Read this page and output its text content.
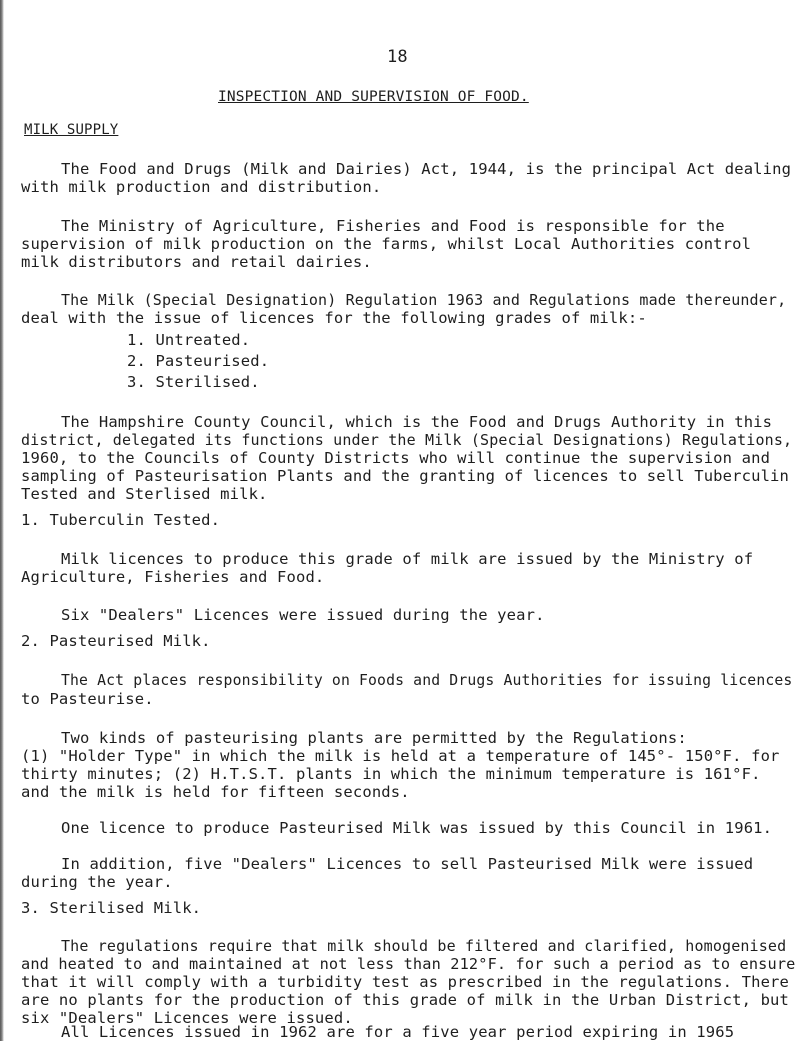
18
INSPECTION AND SUPERVISION OF FOOD.
MILK SUPPLY
The Food and Drugs (Milk and Dairies) Act, 1944, is the principal Act dealing
with milk production and distribution.
The Ministry of Agriculture, Fisheries and Food is responsible for the
supervision of milk production on the farms, whilst Local Authorities control
milk distributors and retail dairies.
The Milk (Special Designation) Regulation 1963 and Regulations made thereunder,
deal with the issue of licences for the following grades of milk:-
1. Untreated.
2. Pasteurised.
3. Sterilised.
The Hampshire County Council, which is the Food and Drugs Authority in this
district, delegated its functions under the Milk (Special Designations) Regulations,
1960, to the Councils of County Districts who will continue the supervision and
sampling of Pasteurisation Plants and the granting of licences to sell Tuberculin
Tested and Sterlised milk.
1. Tuberculin Tested.
Milk licences to produce this grade of milk are issued by the Ministry of
Agriculture, Fisheries and Food.
Six "Dealers" Licences were issued during the year.
2. Pasteurised Milk.
The Act places responsibility on Foods and Drugs Authorities for issuing licences
to Pasteurise.
Two kinds of pasteurising plants are permitted by the Regulations:
(1) "Holder Type" in which the milk is held at a temperature of 145°- 150°F. for
thirty minutes; (2) H.T.S.T. plants in which the minimum temperature is 161°F.
and the milk is held for fifteen seconds.
One licence to produce Pasteurised Milk was issued by this Council in 1961.
In addition, five "Dealers" Licences to sell Pasteurised Milk were issued
during the year.
3. Sterilised Milk.
The regulations require that milk should be filtered and clarified, homogenised
and heated to and maintained at not less than 212°F. for such a period as to ensure
that it will comply with a turbidity test as prescribed in the regulations. There
are no plants for the production of this grade of milk in the Urban District, but
six "Dealers" Licences were issued.
All Licences issued in 1962 are for a five year period expiring in 1965
